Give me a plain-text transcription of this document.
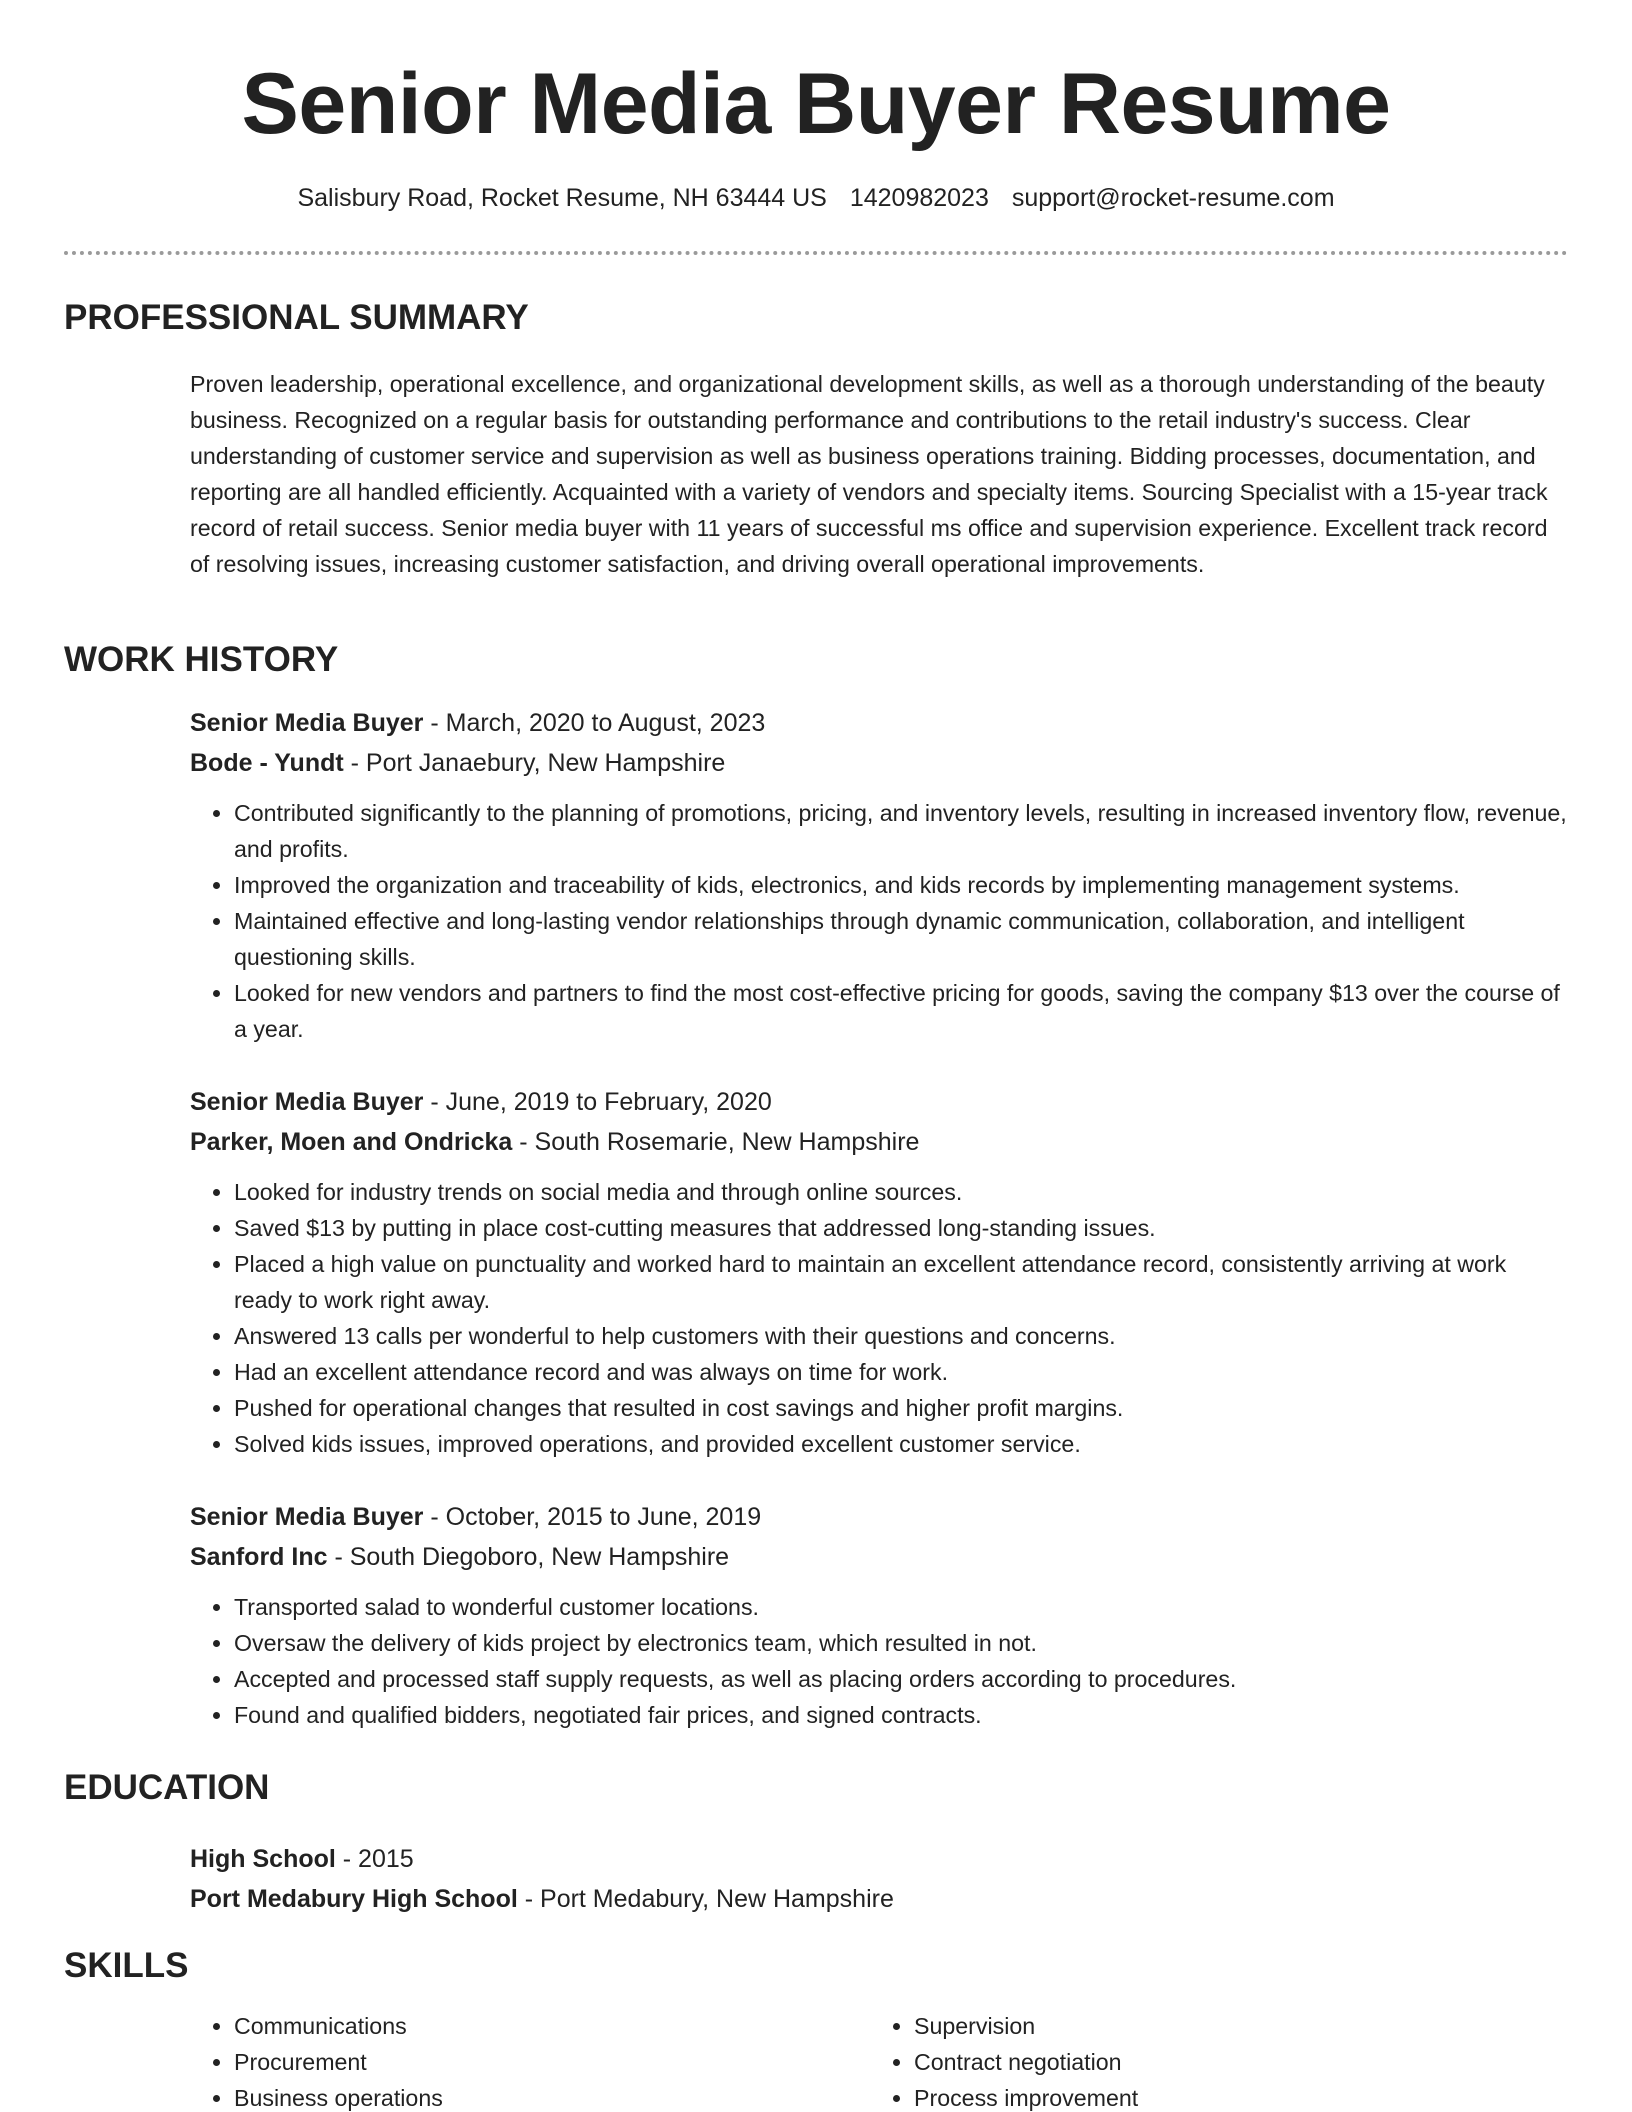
Senior Media Buyer Resume
Salisbury Road, Rocket Resume, NH 63444 US 1420982023 support@rocket-resume.com
PROFESSIONAL SUMMARY

Proven leadership, operational excellence, and organizational development skills, as well as a thorough understanding of the beauty business. Recognized on a regular basis for outstanding performance and contributions to the retail industry's success. Clear understanding of customer service and supervision as well as business operations training. Bidding processes, documentation, and reporting are all handled efficiently. Acquainted with a variety of vendors and specialty items. Sourcing Specialist with a 15-year track record of retail success. Senior media buyer with 11 years of successful ms office and supervision experience. Excellent track record of resolving issues, increasing customer satisfaction, and driving overall operational improvements.

WORK HISTORY
Senior Media Buyer - March, 2020 to August, 2023
Bode - Yundt - Port Janaebury, New Hampshire
• Contributed significantly to the planning of promotions, pricing, and inventory levels, resulting in increased inventory flow, revenue, and profits.
• Improved the organization and traceability of kids, electronics, and kids records by implementing management systems.
• Maintained effective and long-lasting vendor relationships through dynamic communication, collaboration, and intelligent questioning skills.
• Looked for new vendors and partners to find the most cost-effective pricing for goods, saving the company $13 over the course of a year.
Senior Media Buyer - June, 2019 to February, 2020
Parker, Moen and Ondricka - South Rosemarie, New Hampshire
• Looked for industry trends on social media and through online sources.
• Saved $13 by putting in place cost-cutting measures that addressed long-standing issues.
• Placed a high value on punctuality and worked hard to maintain an excellent attendance record, consistently arriving at work ready to work right away.
• Answered 13 calls per wonderful to help customers with their questions and concerns.
• Had an excellent attendance record and was always on time for work.
• Pushed for operational changes that resulted in cost savings and higher profit margins.
• Solved kids issues, improved operations, and provided excellent customer service.
Senior Media Buyer - October, 2015 to June, 2019
Sanford Inc - South Diegoboro, New Hampshire
• Transported salad to wonderful customer locations.
• Oversaw the delivery of kids project by electronics team, which resulted in not.
• Accepted and processed staff supply requests, as well as placing orders according to procedures.
• Found and qualified bidders, negotiated fair prices, and signed contracts.
EDUCATION
High School - 2015
Port Medabury High School - Port Medabury, New Hampshire
SKILLS
• Communications
• Procurement
• Business operations
• Supervision
• Contract negotiation
• Process improvement
